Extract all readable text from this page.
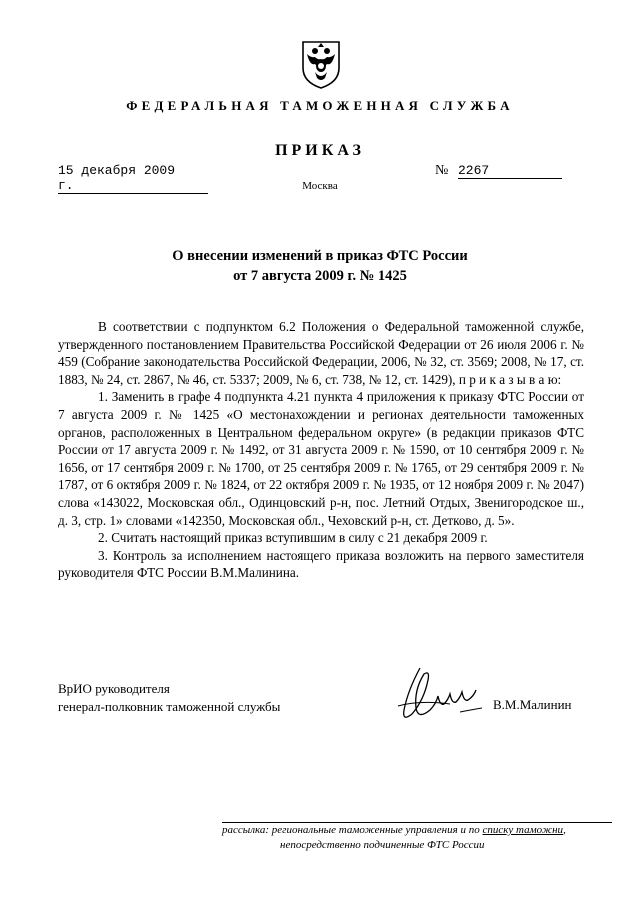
ФЕДЕРАЛЬНАЯ ТАМОЖЕННАЯ СЛУЖБА
ПРИКАЗ
15 декабря 2009 г.
№ 2267
Москва
О внесении изменений в приказ ФТС России
от 7 августа 2009 г. № 1425

В соответствии с подпунктом 6.2 Положения о Федеральной таможенной службе, утвержденного постановлением Правительства Российской Федерации от 26 июля 2006 г. № 459 (Собрание законодательства Российской Федерации, 2006, № 32, ст. 3569; 2008, № 17, ст. 1883, № 24, ст. 2867, № 46, ст. 5337; 2009, № 6, ст. 738, № 12, ст. 1429), п р и к а з ы в а ю:

1. Заменить в графе 4 подпункта 4.21 пункта 4 приложения к приказу ФТС России от 7 августа 2009 г. № 1425 «О местонахождении и регионах деятельности таможенных органов, расположенных в Центральном федеральном округе» (в редакции приказов ФТС России от 17 августа 2009 г. № 1492, от 31 августа 2009 г. № 1590, от 10 сентября 2009 г. № 1656, от 17 сентября 2009 г. № 1700, от 25 сентября 2009 г. № 1765, от 29 сентября 2009 г. № 1787, от 6 октября 2009 г. № 1824, от 22 октября 2009 г. № 1935, от 12 ноября 2009 г. № 2047) слова «143022, Московская обл., Одинцовский р-н, пос. Летний Отдых, Звенигородское ш., д. 3, стр. 1» словами «142350, Московская обл., Чеховский р-н, ст. Детково, д. 5».

2. Считать настоящий приказ вступившим в силу с 21 декабря 2009 г.

3. Контроль за исполнением настоящего приказа возложить на первого заместителя руководителя ФТС России В.М.Малинина.

ВрИО руководителя
генерал-полковник таможенной службы	В.М.Малинин
рассылка: региональные таможенные управления и по списку таможни,
непосредственно подчиненные ФТС России
